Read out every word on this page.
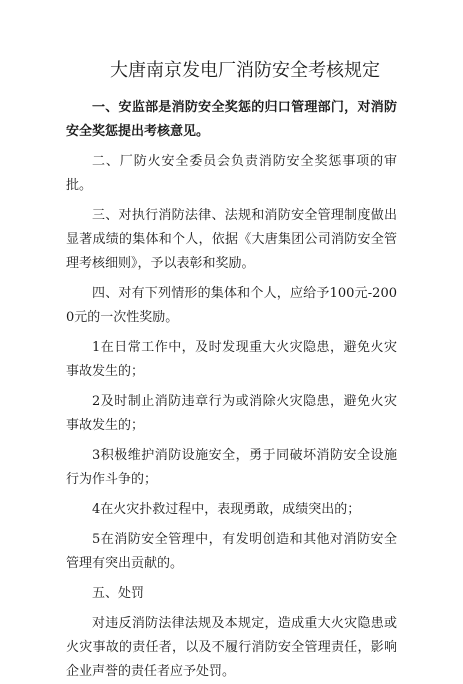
大唐南京发电厂消防安全考核规定

一、安监部是消防安全奖惩的归口管理部门，对消防安全奖惩提出考核意见。

二、厂防火安全委员会负责消防安全奖惩事项的审批。

三、对执行消防法律、法规和消防安全管理制度做出显著成绩的集体和个人，依据《大唐集团公司消防安全管理考核细则》，予以表彰和奖励。

四、对有下列情形的集体和个人，应给予100元-2000元的一次性奖励。

1在日常工作中，及时发现重大火灾隐患，避免火灾事故发生的；

2及时制止消防违章行为或消除火灾隐患，避免火灾事故发生的；

3积极维护消防设施安全，勇于同破坏消防安全设施行为作斗争的；

4在火灾扑救过程中，表现勇敢，成绩突出的；

5在消防安全管理中，有发明创造和其他对消防安全管理有突出贡献的。

五、处罚

对违反消防法律法规及本规定，造成重大火灾隐患或火灾事故的责任者，以及不履行消防安全管理责任，影响企业声誉的责任者应予处罚。
